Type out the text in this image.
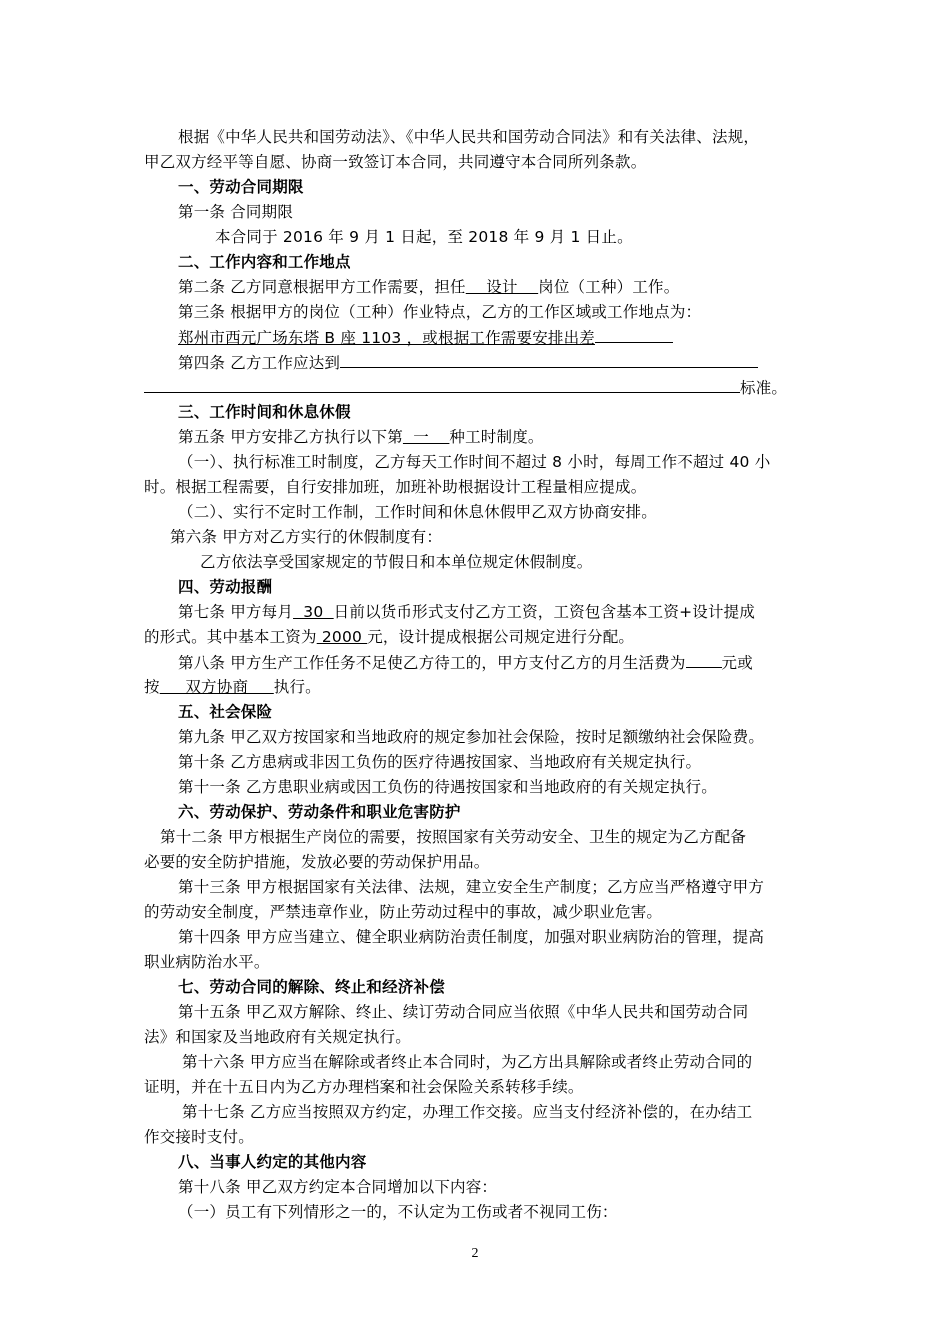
根据《中华人民共和国劳动法》、《中华人民共和国劳动合同法》和有关法律、法规，
甲乙双方经平等自愿、协商一致签订本合同，共同遵守本合同所列条款。
一、劳动合同期限
第一条 合同期限
本合同于 2016 年 9 月 1 日起，至 2018 年 9 月 1 日止。
二、工作内容和工作地点
第二条 乙方同意根据甲方工作需要，担任    设计    岗位（工种）工作。
第三条 根据甲方的岗位（工种）作业特点，乙方的工作区域或工作地点为：
郑州市西元广场东塔 B 座 1103 ，或根据工作需要安排出差
第四条 乙方工作应达到
标准。
三、工作时间和休息休假
第五条 甲方安排乙方执行以下第  一    种工时制度。
（一）、执行标准工时制度，乙方每天工作时间不超过 8 小时，每周工作不超过 40 小
时。根据工程需要，自行安排加班，加班补助根据设计工程量相应提成。
（二）、实行不定时工作制，工作时间和休息休假甲乙双方协商安排。
第六条 甲方对乙方实行的休假制度有：
乙方依法享受国家规定的节假日和本单位规定休假制度。
四、劳动报酬
第七条 甲方每月  30  日前以货币形式支付乙方工资，工资包含基本工资+设计提成
的形式。其中基本工资为 2000 元，设计提成根据公司规定进行分配。
第八条 甲方生产工作任务不足使乙方待工的，甲方支付乙方的月生活费为 元或
按     双方协商     执行。
五、社会保险
第九条 甲乙双方按国家和当地政府的规定参加社会保险，按时足额缴纳社会保险费。
第十条 乙方患病或非因工负伤的医疗待遇按国家、当地政府有关规定执行。
第十一条 乙方患职业病或因工负伤的待遇按国家和当地政府的有关规定执行。
六、劳动保护、劳动条件和职业危害防护
第十二条 甲方根据生产岗位的需要，按照国家有关劳动安全、卫生的规定为乙方配备
必要的安全防护措施，发放必要的劳动保护用品。
第十三条 甲方根据国家有关法律、法规，建立安全生产制度；乙方应当严格遵守甲方
的劳动安全制度，严禁违章作业，防止劳动过程中的事故，减少职业危害。
第十四条 甲方应当建立、健全职业病防治责任制度，加强对职业病防治的管理，提高
职业病防治水平。
七、劳动合同的解除、终止和经济补偿
第十五条 甲乙双方解除、终止、续订劳动合同应当依照《中华人民共和国劳动合同
法》和国家及当地政府有关规定执行。
第十六条 甲方应当在解除或者终止本合同时，为乙方出具解除或者终止劳动合同的
证明，并在十五日内为乙方办理档案和社会保险关系转移手续。
第十七条 乙方应当按照双方约定，办理工作交接。应当支付经济补偿的，在办结工
作交接时支付。
八、当事人约定的其他内容
第十八条 甲乙双方约定本合同增加以下内容：
（一）员工有下列情形之一的，不认定为工伤或者不视同工伤：
2
